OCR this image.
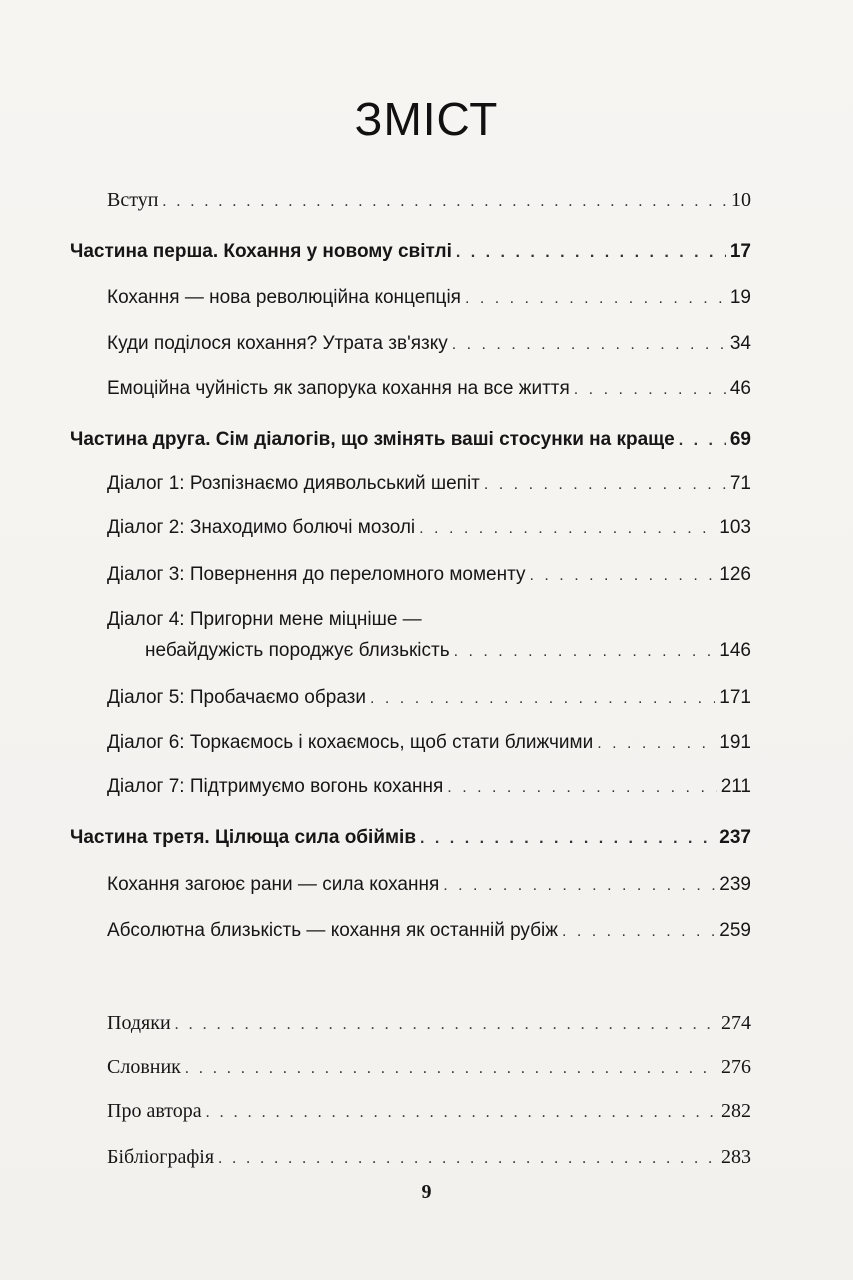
ЗМІСТ
Вступ . . .	10
Частина перша. Кохання у новому світлі . . .	17
Кохання — нова революційна концепція . . .	19
Куди поділося кохання? Утрата зв'язку . . .	34
Емоційна чуйність як запорука кохання на все життя . . .	46
Частина друга. Сім діалогів, що змінять ваші стосунки на краще . . .	69
Діалог 1: Розпізнаємо диявольський шепіт . . .	71
Діалог 2: Знаходимо болючі мозолі . . .	103
Діалог 3: Повернення до переломного моменту . . .	126
Діалог 4: Пригорни мене міцніше —
небайдужість породжує близькість . . .	146
Діалог 5: Пробачаємо образи . . .	171
Діалог 6: Торкаємось і кохаємось, щоб стати ближчими . . .	191
Діалог 7: Підтримуємо вогонь кохання . . .	211
Частина третя. Цілюща сила обіймів . . .	237
Кохання загоює рани — сила кохання . . .	239
Абсолютна близькість — кохання як останній рубіж . . .	259
Подяки . . .	274
Словник . . .	276
Про автора . . .	282
Бібліографія . . .	283
9
